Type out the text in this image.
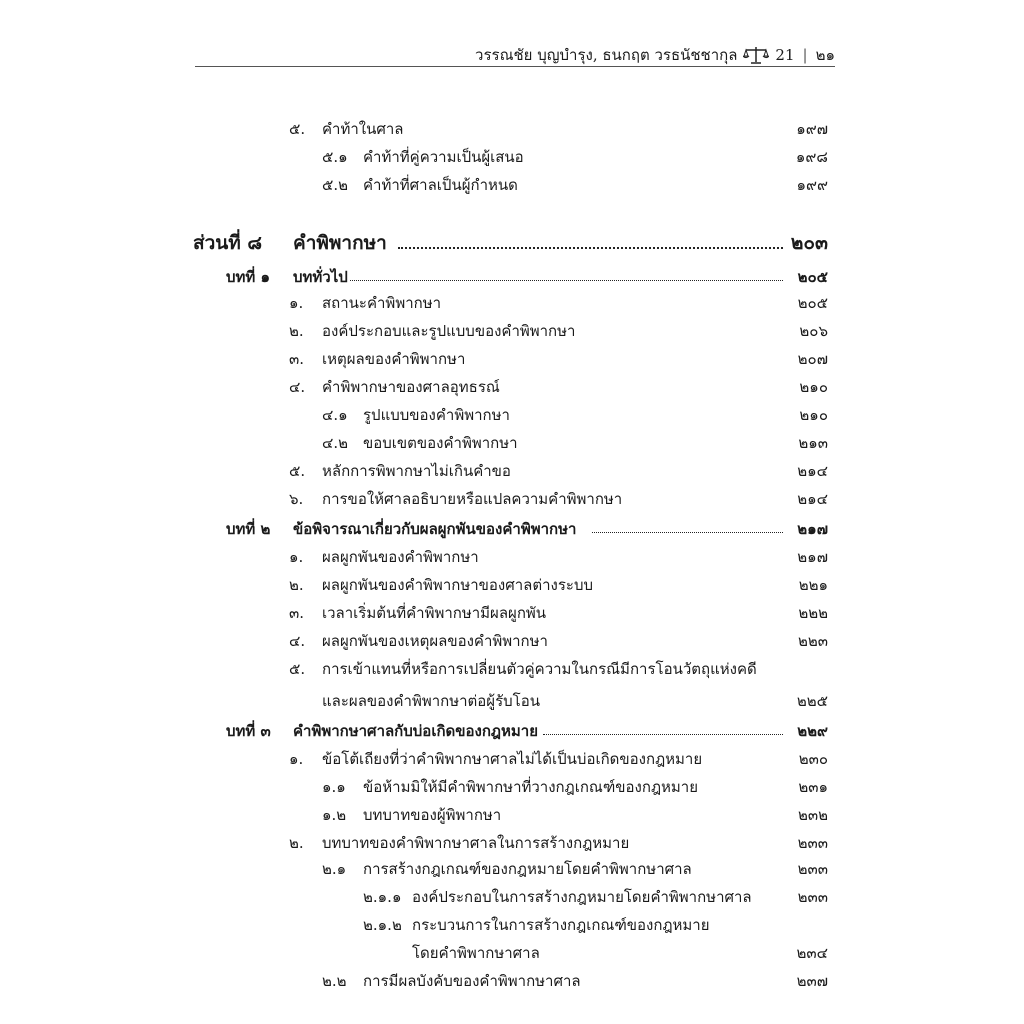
วรรณชัย บุญบำรุง, ธนกฤต วรธนัชชากุล	21 | ๒๑
๕. คำท้าในศาล	๑๙๗
๕.๑ คำท้าที่คู่ความเป็นผู้เสนอ	๑๙๘
๕.๒ คำท้าที่ศาลเป็นผู้กำหนด	๑๙๙
ส่วนที่ ๘ คำพิพากษา	๒๐๓
บทที่ ๑ บททั่วไป	๒๐๕
๑. สถานะคำพิพากษา	๒๐๕
๒. องค์ประกอบและรูปแบบของคำพิพากษา	๒๐๖
๓. เหตุผลของคำพิพากษา	๒๐๗
๔. คำพิพากษาของศาลอุทธรณ์	๒๑๐
๔.๑ รูปแบบของคำพิพากษา	๒๑๐
๔.๒ ขอบเขตของคำพิพากษา	๒๑๓
๕. หลักการพิพากษาไม่เกินคำขอ	๒๑๔
๖. การขอให้ศาลอธิบายหรือแปลความคำพิพากษา	๒๑๔
บทที่ ๒ ข้อพิจารณาเกี่ยวกับผลผูกพันของคำพิพากษา	๒๑๗
๑. ผลผูกพันของคำพิพากษา	๒๑๗
๒. ผลผูกพันของคำพิพากษาของศาลต่างระบบ	๒๒๑
๓. เวลาเริ่มต้นที่คำพิพากษามีผลผูกพัน	๒๒๒
๔. ผลผูกพันของเหตุผลของคำพิพากษา	๒๒๓
๕. การเข้าแทนที่หรือการเปลี่ยนตัวคู่ความในกรณีมีการโอนวัตถุแห่งคดี
และผลของคำพิพากษาต่อผู้รับโอน	๒๒๕
บทที่ ๓ คำพิพากษาศาลกับบ่อเกิดของกฎหมาย	๒๒๙
๑. ข้อโต้เถียงที่ว่าคำพิพากษาศาลไม่ได้เป็นบ่อเกิดของกฎหมาย	๒๓๐
๑.๑ ข้อห้ามมิให้มีคำพิพากษาที่วางกฎเกณฑ์ของกฎหมาย	๒๓๑
๑.๒ บทบาทของผู้พิพากษา	๒๓๒
๒. บทบาทของคำพิพากษาศาลในการสร้างกฎหมาย	๒๓๓
๒.๑ การสร้างกฎเกณฑ์ของกฎหมายโดยคำพิพากษาศาล	๒๓๓
๒.๑.๑ องค์ประกอบในการสร้างกฎหมายโดยคำพิพากษาศาล	๒๓๓
๒.๑.๒ กระบวนการในการสร้างกฎเกณฑ์ของกฎหมาย
โดยคำพิพากษาศาล	๒๓๔
๒.๒ การมีผลบังคับของคำพิพากษาศาล	๒๓๗
